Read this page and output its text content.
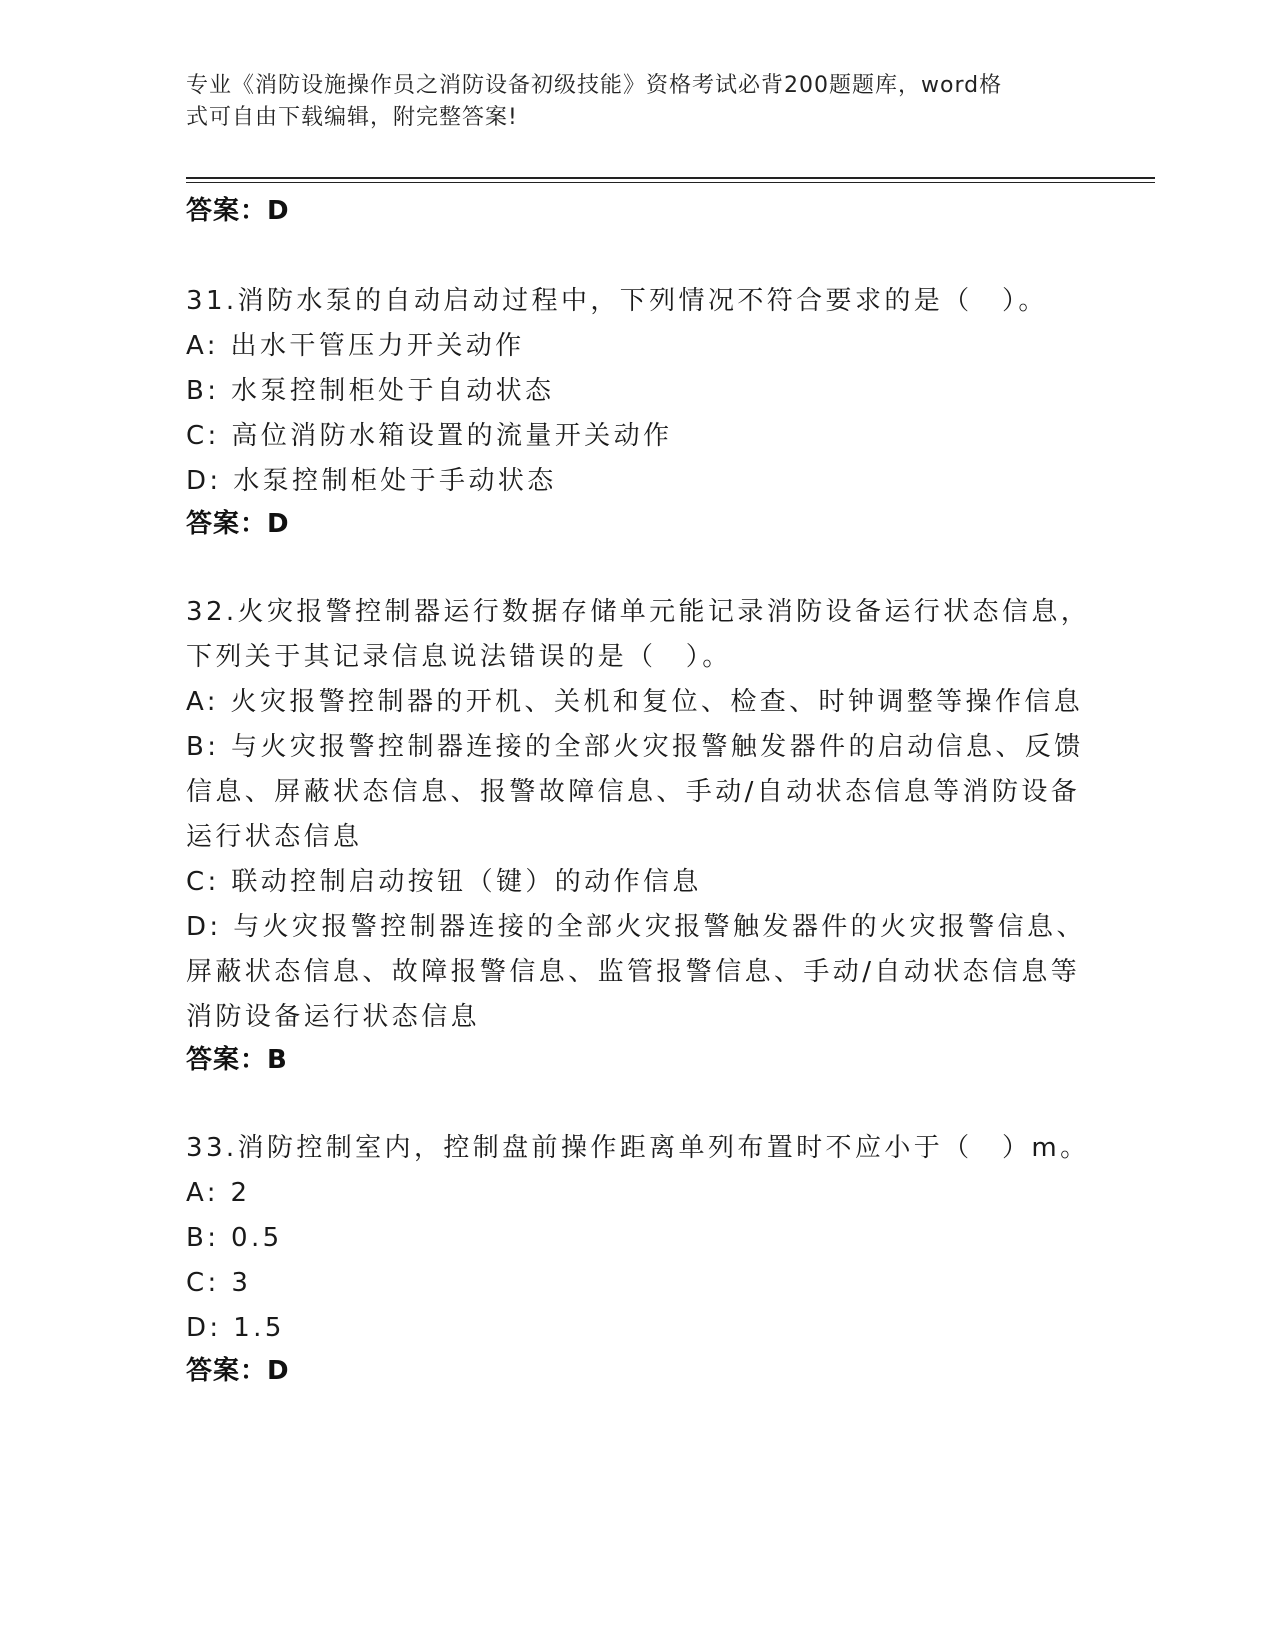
专业《消防设施操作员之消防设备初级技能》资格考试必背200题题库，word格
式可自由下载编辑，附完整答案!
答案：D
31.消防水泵的自动启动过程中，下列情况不符合要求的是（　）。
A: 出水干管压力开关动作
B: 水泵控制柜处于自动状态
C: 高位消防水箱设置的流量开关动作
D: 水泵控制柜处于手动状态
答案：D
32.火灾报警控制器运行数据存储单元能记录消防设备运行状态信息，
下列关于其记录信息说法错误的是（　）。
A: 火灾报警控制器的开机、关机和复位、检查、时钟调整等操作信息
B: 与火灾报警控制器连接的全部火灾报警触发器件的启动信息、反馈
信息、屏蔽状态信息、报警故障信息、手动/自动状态信息等消防设备
运行状态信息
C: 联动控制启动按钮（键）的动作信息
D: 与火灾报警控制器连接的全部火灾报警触发器件的火灾报警信息、
屏蔽状态信息、故障报警信息、监管报警信息、手动/自动状态信息等
消防设备运行状态信息
答案：B
33.消防控制室内，控制盘前操作距离单列布置时不应小于（　）m。
A: 2
B: 0.5
C: 3
D: 1.5
答案：D
